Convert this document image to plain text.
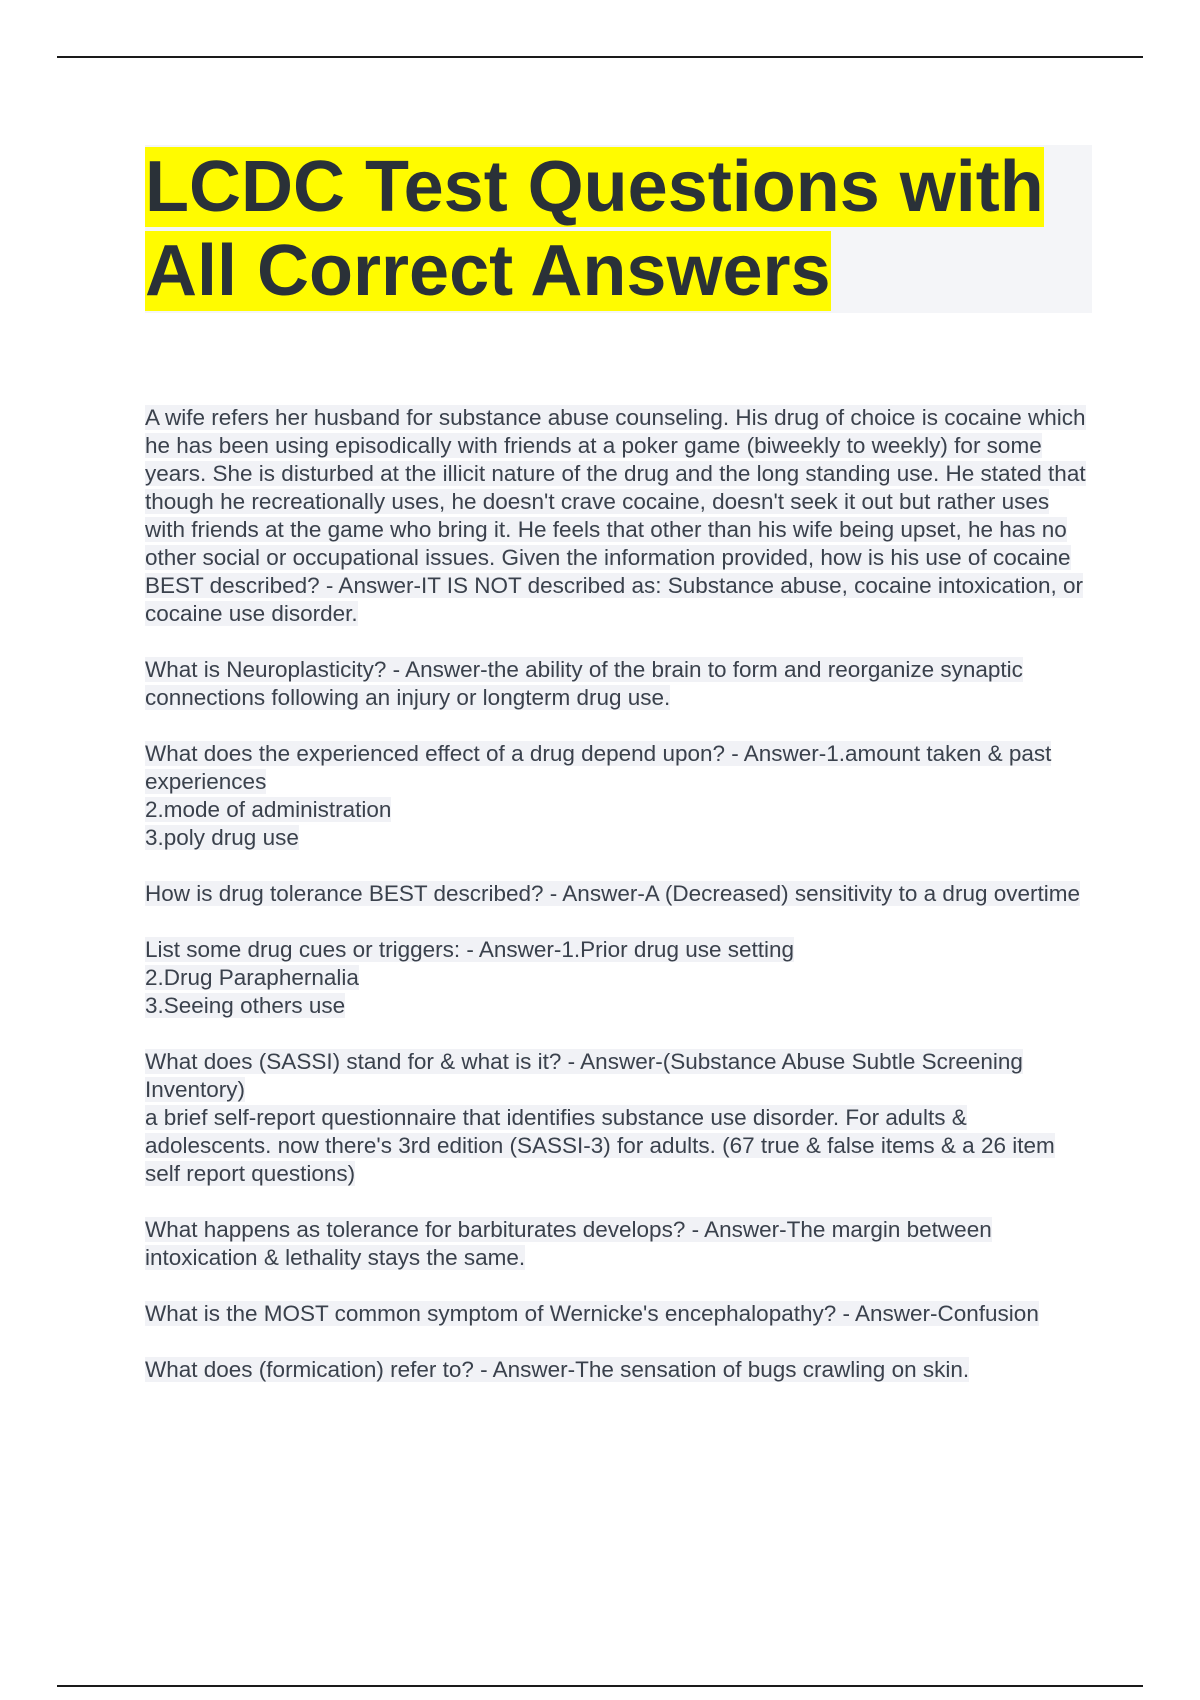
LCDC Test Questions with
All Correct Answers

A wife refers her husband for substance abuse counseling. His drug of choice is cocaine which he has been using episodically with friends at a poker game (biweekly to weekly) for some years. She is disturbed at the illicit nature of the drug and the long standing use. He stated that though he recreationally uses, he doesn't crave cocaine, doesn't seek it out but rather uses with friends at the game who bring it. He feels that other than his wife being upset, he has no other social or occupational issues. Given the information provided, how is his use of cocaine BEST described? - Answer-IT IS NOT described as: Substance abuse, cocaine intoxication, or cocaine use disorder.

What is Neuroplasticity? - Answer-the ability of the brain to form and reorganize synaptic connections following an injury or longterm drug use.

What does the experienced effect of a drug depend upon? - Answer-1.amount taken & past experiences
2.mode of administration
3.poly drug use

How is drug tolerance BEST described? - Answer-A (Decreased) sensitivity to a drug overtime

List some drug cues or triggers: - Answer-1.Prior drug use setting
2.Drug Paraphernalia
3.Seeing others use

What does (SASSI) stand for & what is it? - Answer-(Substance Abuse Subtle Screening Inventory)
a brief self-report questionnaire that identifies substance use disorder. For adults & adolescents. now there's 3rd edition (SASSI-3) for adults. (67 true & false items & a 26 item self report questions)

What happens as tolerance for barbiturates develops? - Answer-The margin between intoxication & lethality stays the same.

What is the MOST common symptom of Wernicke's encephalopathy? - Answer-Confusion

What does (formication) refer to? - Answer-The sensation of bugs crawling on skin.
